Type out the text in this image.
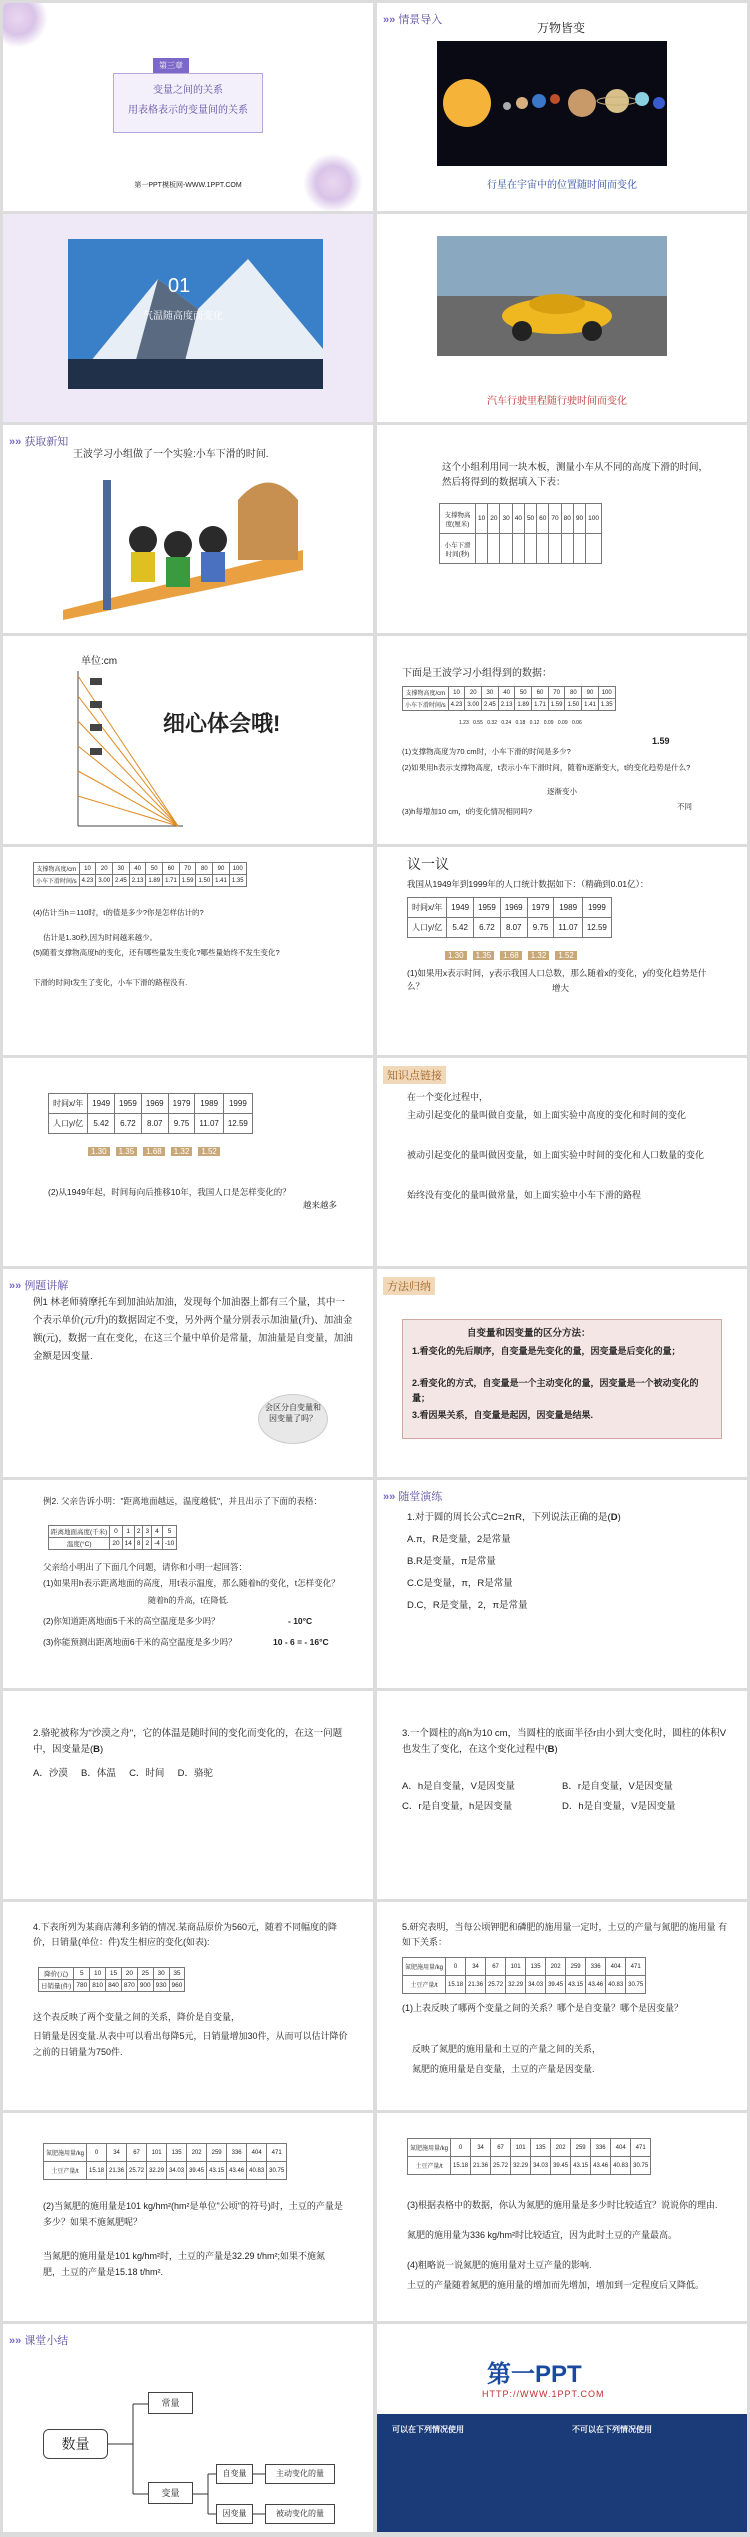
第三章
变量之间的关系
用表格表示的变量间的关系
第一PPT模板网-WWW.1PPT.COM
»» 情景导入
万物皆变
行星在宇宙中的位置随时间而变化
01
气温随高度而变化
汽车行驶里程随行驶时间而变化
»» 获取新知
王波学习小组做了一个实验:小车下滑的时间.
这个小组利用同一块木板，测量小车从不同的高度下滑的时间，然后将得到的数据填入下表：
支撑物高度(厘米)	10	20	30	40	50	60	70	80	90	100
小车下滑时间(秒)										
单位:cm
细心体会哦!
下面是王波学习小组得到的数据：
支撑物高度/cm	10	20	30	40	50	60	70	80	90	100
小车下滑时间/s	4.23	3.00	2.45	2.13	1.89	1.71	1.59	1.50	1.41	1.35
1.23 0.55 0.32 0.24 0.18 0.12 0.09 0.09 0.06
1.59
(1)支撑物高度为70 cm时，小车下滑的时间是多少?
(2)如果用h表示支撑物高度，t表示小车下滑时间，随着h逐渐变大，t的变化趋势是什么?
逐渐变小
不同
(3)h每增加10 cm，t的变化情况相同吗?
支撑物高度/cm	10	20	30	40	50	60	70	80	90	100
小车下滑时间/s	4.23	3.00	2.45	2.13	1.89	1.71	1.59	1.50	1.41	1.35
(4)估计当h＝110时，t的值是多少?你是怎样估计的?
估计是1.30秒,因为时间越来越少。
(5)随着支撑物高度h的变化，还有哪些量发生变化?哪些量始终不发生变化?
下滑的时间t发生了变化，小车下滑的路程没有.
议一议
我国从1949年到1999年的人口统计数据如下：（精确到0.01亿）：
时间x/年	1949	1959	1969	1979	1989	1999
人口y/亿	5.42	6.72	8.07	9.75	11.07	12.59
1.30 1.35 1.68 1.32 1.52
(1)如果用x表示时间，y表示我国人口总数，那么随着x的变化，y的变化趋势是什么？	增大
时间x/年	1949	1959	1969	1979	1989	1999
人口y/亿	5.42	6.72	8.07	9.75	11.07	12.59
1.30 1.35 1.68 1.32 1.52
(2)从1949年起，时间每向后推移10年，我国人口是怎样变化的？
越来越多
知识点链接
在一个变化过程中，
主动引起变化的量叫做自变量，如上面实验中高度的变化和时间的变化
被动引起变化的量叫做因变量，如上面实验中时间的变化和人口数量的变化
始终没有变化的量叫做常量，如上面实验中小车下滑的路程
»» 例题讲解
例1 林老师骑摩托车到加油站加油，发现每个加油器上都有三个量，其中一个表示单价(元/升)的数据固定不变，另外两个量分别表示加油量(升)、加油金额(元)，数据一直在变化，在这三个量中单价是常量，加油量是自变量，加油金额是因变量.
会区分自变量和因变量了吗？
方法归纳
自变量和因变量的区分方法：
1.看变化的先后顺序，自变量是先变化的量，因变量是后变化的量；
2.看变化的方式，自变量是一个主动变化的量，因变量是一个被动变化的量；
3.看因果关系，自变量是起因，因变量是结果.
例2. 父亲告诉小明："距离地面越远，温度越低"，并且出示了下面的表格：
距离地面高度(千米)	0	1	2	3	4	5
温度(°C)	20	14	8	2	-4	-10
父亲给小明出了下面几个问题，请你和小明一起回答：
(1)如果用h表示距离地面的高度，用t表示温度，那么随着h的变化，t怎样变化？
随着h的升高，t在降低.
(2)你知道距离地面5千米的高空温度是多少吗？	- 10°C
(3)你能预测出距离地面6千米的高空温度是多少吗？	10 - 6 = - 16°C
»» 随堂演练
1.对于圆的周长公式C=2πR，下列说法正确的是(D)
A.π，R是变量，2是常量
B.R是变量，π是常量
C.C是变量，π，R是常量
D.C，R是变量，2，π是常量
2.骆驼被称为"沙漠之舟"，它的体温是随时间的变化而变化的，在这一问题中，因变量是(B)
A．沙漠     B．体温     C．时间     D．骆驼
3.一个圆柱的高h为10 cm，当圆柱的底面半径r由小到大变化时，圆柱的体积V也发生了变化，在这个变化过程中(B)
A．h是自变量，V是因变量	B．r是自变量，V是因变量
C．r是自变量，h是因变量	D．h是自变量，V是因变量
4.下表所列为某商店薄利多销的情况.某商品原价为560元，随着不同幅度的降价，日销量(单位：件)发生相应的变化(如表):
降价(元)	5	10	15	20	25	30	35
日销量(件)	780	810	840	870	900	930	960
这个表反映了两个变量之间的关系，降价是自变量，
日销量是因变量.从表中可以看出每降5元，日销量增加30件，从而可以估计降价之前的日销量为750件.
5.研究表明，当每公顷钾肥和磷肥的施用量一定时，土豆的产量与氮肥的施用量 有如下关系：
氮肥施用量/kg	0	34	67	101	135	202	259	336	404	471
土豆产量/t	15.18	21.36	25.72	32.29	34.03	39.45	43.15	43.46	40.83	30.75
(1)上表反映了哪两个变量之间的关系？哪个是自变量？哪个是因变量？
反映了氮肥的施用量和土豆的产量之间的关系，
氮肥的施用量是自变量，土豆的产量是因变量.
氮肥施用量/kg	0	34	67	101	135	202	259	336	404	471
土豆产量/t	15.18	21.36	25.72	32.29	34.03	39.45	43.15	43.46	40.83	30.75
(2)当氮肥的施用量是101 kg/hm²(hm²是单位"公顷"的符号)时，土豆的产量是多少？如果不施氮肥呢？
当氮肥的施用量是101 kg/hm²时，土豆的产量是32.29 t/hm²;如果不施氮肥，土豆的产量是15.18 t/hm².
氮肥施用量/kg	0	34	67	101	135	202	259	336	404	471
土豆产量/t	15.18	21.36	25.72	32.29	34.03	39.45	43.15	43.46	40.83	30.75
(3)根据表格中的数据，你认为氮肥的施用量是多少时比较适宜？说说你的理由.
氮肥的施用量为336 kg/hm²时比较适宜，因为此时土豆的产量最高。
(4)粗略说一说氮肥的施用量对土豆产量的影响.
土豆的产量随着氮肥的施用量的增加而先增加，增加到一定程度后又降低。
»» 课堂小结
数量
常量
变量
自变量
因变量
主动变化的量
被动变化的量
第一PPT
HTTP://WWW.1PPT.COM
可以在下列情况使用	不可以在下列情况使用
